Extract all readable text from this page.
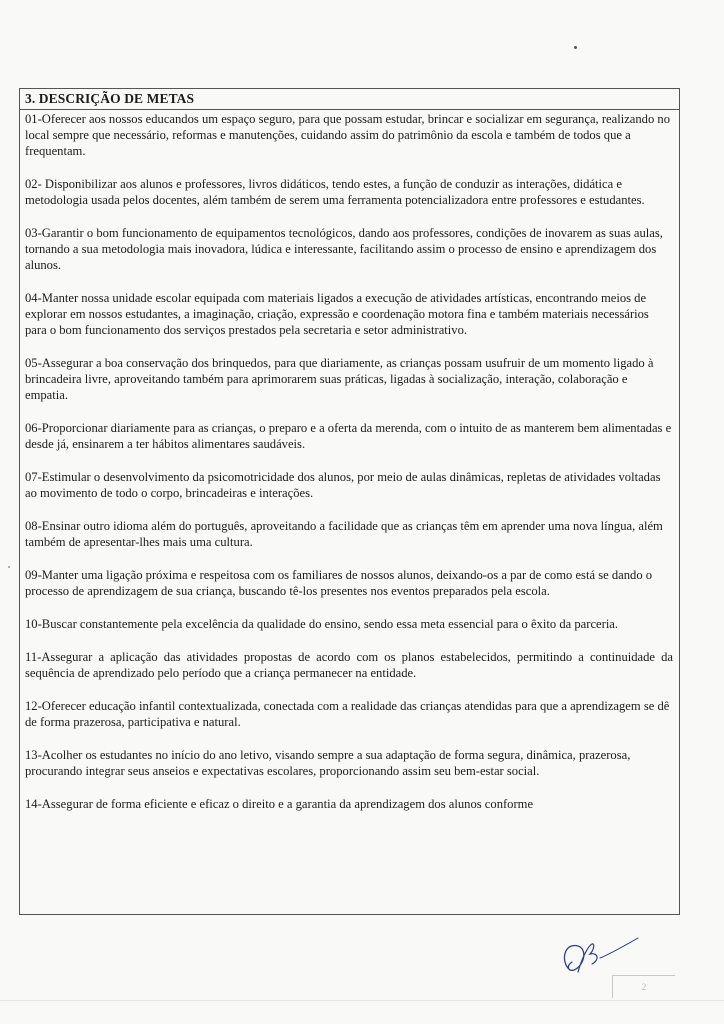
3. DESCRIÇÃO DE METAS

01-Oferecer aos nossos educandos um espaço seguro, para que possam estudar, brincar e socializar em segurança, realizando no local sempre que necessário, reformas e manutenções, cuidando assim do patrimônio da escola e também de todos que a frequentam.

02- Disponibilizar aos alunos e professores, livros didáticos, tendo estes, a função de conduzir as interações, didática e metodologia usada pelos docentes, além também de serem uma ferramenta potencializadora entre professores e estudantes.

03-Garantir o bom funcionamento de equipamentos tecnológicos, dando aos professores, condições de inovarem as suas aulas, tornando a sua metodologia mais inovadora, lúdica e interessante, facilitando assim o processo de ensino e aprendizagem dos alunos.

04-Manter nossa unidade escolar equipada com materiais ligados a execução de atividades artísticas, encontrando meios de explorar em nossos estudantes, a imaginação, criação, expressão e coordenação motora fina e também materiais necessários para o bom funcionamento dos serviços prestados pela secretaria e setor administrativo.

05-Assegurar a boa conservação dos brinquedos, para que diariamente, as crianças possam usufruir de um momento ligado à brincadeira livre, aproveitando também para aprimorarem suas práticas, ligadas à socialização, interação, colaboração e empatia.

06-Proporcionar diariamente para as crianças, o preparo e a oferta da merenda, com o intuito de as manterem bem alimentadas e desde já, ensinarem a ter hábitos alimentares saudáveis.

07-Estimular o desenvolvimento da psicomotricidade dos alunos, por meio de aulas dinâmicas, repletas de atividades voltadas ao movimento de todo o corpo, brincadeiras e interações.

08-Ensinar outro idioma além do português, aproveitando a facilidade que as crianças têm em aprender uma nova língua, além também de apresentar-lhes mais uma cultura.

09-Manter uma ligação próxima e respeitosa com os familiares de nossos alunos, deixando-os a par de como está se dando o processo de aprendizagem de sua criança, buscando tê-los presentes nos eventos preparados pela escola.

10-Buscar constantemente pela excelência da qualidade do ensino, sendo essa meta essencial para o êxito da parceria.

11-Assegurar a aplicação das atividades propostas de acordo com os planos estabelecidos, permitindo a continuidade da sequência de aprendizado pelo período que a criança permanecer na entidade.

12-Oferecer educação infantil contextualizada, conectada com a realidade das crianças atendidas para que a aprendizagem se dê de forma prazerosa, participativa e natural.

13-Acolher os estudantes no início do ano letivo, visando sempre a sua adaptação de forma segura, dinâmica, prazerosa, procurando integrar seus anseios e expectativas escolares, proporcionando assim seu bem-estar social.

14-Assegurar de forma eficiente e eficaz o direito e a garantia da aprendizagem dos alunos conforme

2
